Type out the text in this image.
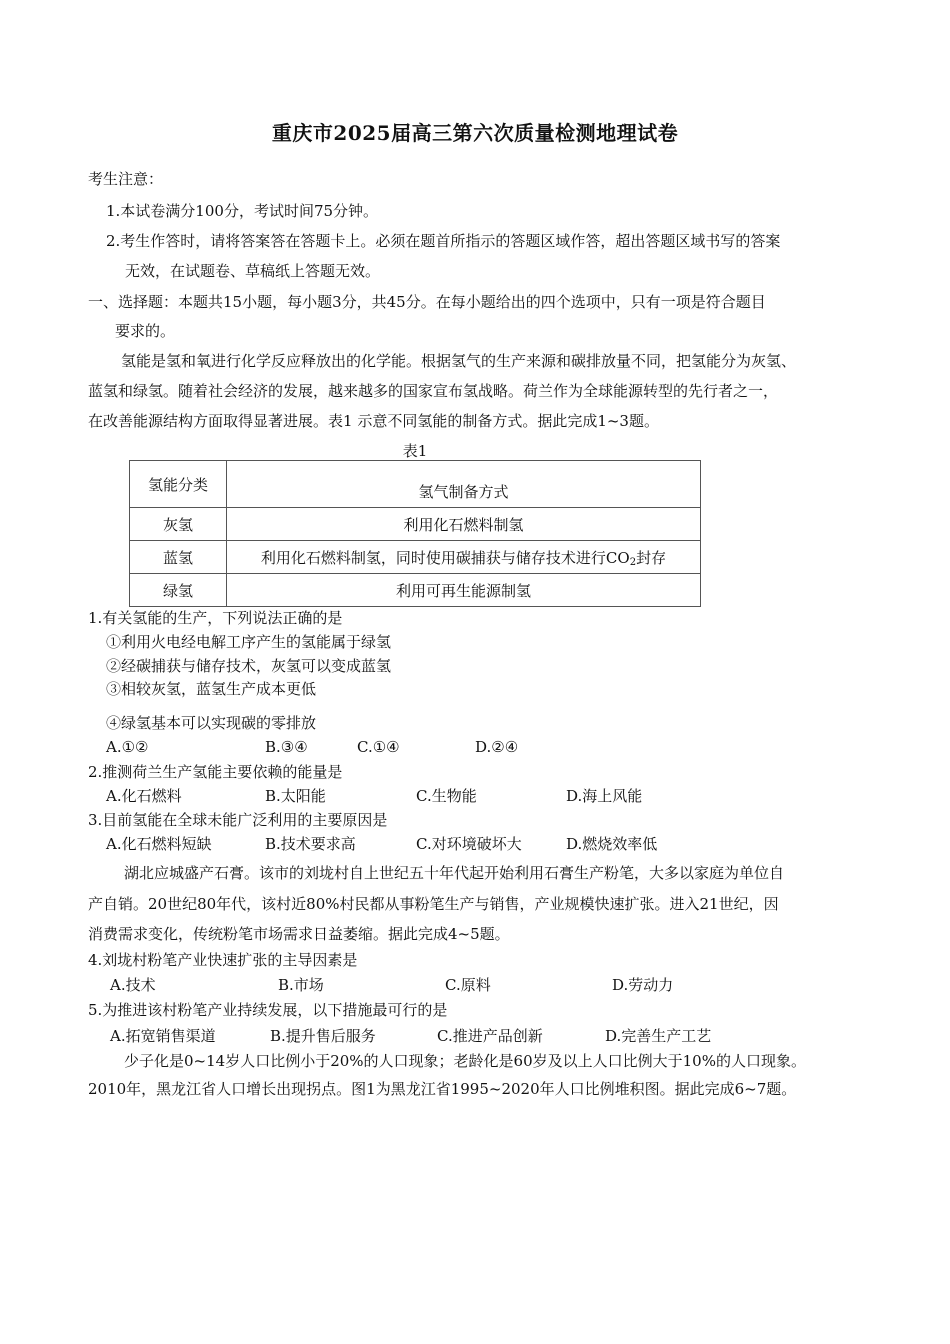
重庆市2025届高三第六次质量检测地理试卷
考生注意：
1.本试卷满分100分，考试时间75分钟。
2.考生作答时，请将答案答在答题卡上。必须在题首所指示的答题区域作答，超出答题区域书写的答案
无效，在试题卷、草稿纸上答题无效。
一、选择题：本题共15小题，每小题3分，共45分。在每小题给出的四个选项中，只有一项是符合题目
要求的。
氢能是氢和氧进行化学反应释放出的化学能。根据氢气的生产来源和碳排放量不同，把氢能分为灰氢、
蓝氢和绿氢。随着社会经济的发展，越来越多的国家宣布氢战略。荷兰作为全球能源转型的先行者之一，
在改善能源结构方面取得显著进展。表1 示意不同氢能的制备方式。据此完成1~3题。
表1
氢能分类	氢气制备方式
灰氢	利用化石燃料制氢
蓝氢	利用化石燃料制氢，同时使用碳捕获与储存技术进行$CO_2$封存
绿氢	利用可再生能源制氢
1.有关氢能的生产，下列说法正确的是
①利用火电经电解工序产生的氢能属于绿氢
②经碳捕获与储存技术，灰氢可以变成蓝氢
③相较灰氢，蓝氢生产成本更低
④绿氢基本可以实现碳的零排放
A.①②	B.③④	C.①④	D.②④
2.推测荷兰生产氢能主要依赖的能量是
A.化石燃料	B.太阳能	C.生物能	D.海上风能
3.目前氢能在全球未能广泛利用的主要原因是
A.化石燃料短缺	B.技术要求高	C.对环境破坏大	D.燃烧效率低
湖北应城盛产石膏。该市的刘垅村自上世纪五十年代起开始利用石膏生产粉笔，大多以家庭为单位自
产自销。20世纪80年代，该村近80%村民都从事粉笔生产与销售，产业规模快速扩张。进入21世纪，因
消费需求变化，传统粉笔市场需求日益萎缩。据此完成4~5题。
4.刘垅村粉笔产业快速扩张的主导因素是
A.技术	B.市场	C.原料	D.劳动力
5.为推进该村粉笔产业持续发展，以下措施最可行的是
A.拓宽销售渠道	B.提升售后服务	C.推进产品创新	D.完善生产工艺
少子化是0~14岁人口比例小于20%的人口现象；老龄化是60岁及以上人口比例大于10%的人口现象。
2010年，黑龙江省人口增长出现拐点。图1为黑龙江省1995~2020年人口比例堆积图。据此完成6~7题。
